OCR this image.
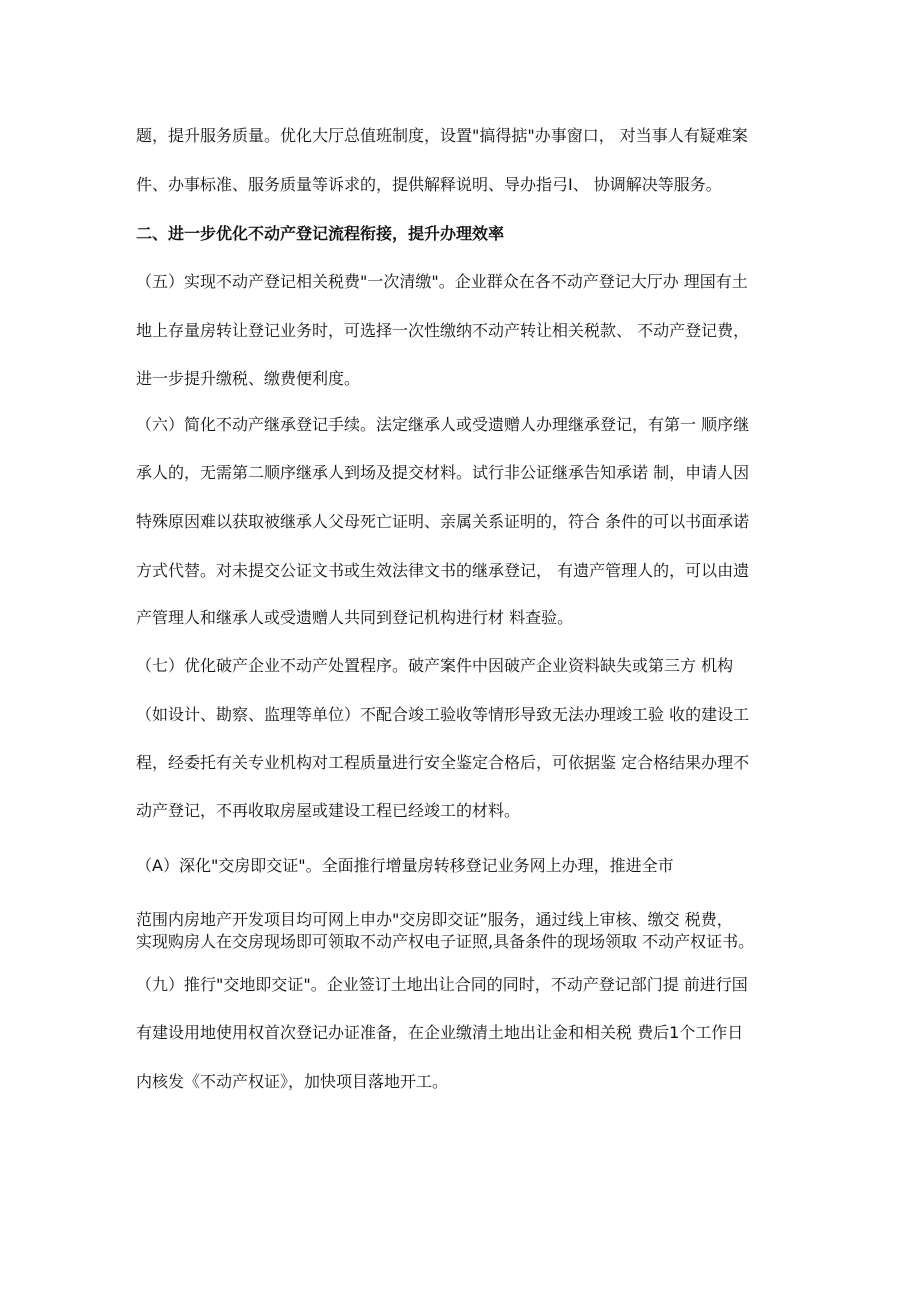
题，提升服务质量。优化大厅总值班制度，设置"搞得掂"办事窗口， 对当事人有疑难案
件、办事标准、服务质量等诉求的，提供解释说明、导办指弓I、 协调解决等服务。
二、进一步优化不动产登记流程衔接，提升办理效率
（五）实现不动产登记相关税费"一次清缴"。企业群众在各不动产登记大厅办 理国有土
地上存量房转让登记业务时，可选择一次性缴纳不动产转让相关税款、 不动产登记费，
进一步提升缴税、缴费便利度。
（六）简化不动产继承登记手续。法定继承人或受遗赠人办理继承登记，有第一 顺序继
承人的，无需第二顺序继承人到场及提交材料。试行非公证继承告知承诺 制，申请人因
特殊原因难以获取被继承人父母死亡证明、亲属关系证明的，符合 条件的可以书面承诺
方式代替。对未提交公证文书或生效法律文书的继承登记， 有遗产管理人的，可以由遗
产管理人和继承人或受遗赠人共同到登记机构进行材 料查验。
（七）优化破产企业不动产处置程序。破产案件中因破产企业资料缺失或第三方 机构
（如设计、勘察、监理等单位）不配合竣工验收等情形导致无法办理竣工验 收的建设工
程，经委托有关专业机构对工程质量进行安全鉴定合格后，可依据鉴 定合格结果办理不
动产登记，不再收取房屋或建设工程已经竣工的材料。
（A）深化"交房即交证"。全面推行增量房转移登记业务网上办理，推进全市
范围内房地产开发项目均可网上申办"交房即交证”服务，通过线上审核、缴交 税费，
实现购房人在交房现场即可领取不动产权电子证照,具备条件的现场领取 不动产权证书。
（九）推行"交地即交证"。企业签订土地出让合同的同时，不动产登记部门提 前进行国
有建设用地使用权首次登记办证准备，在企业缴清土地出让金和相关税 费后1个工作日
内核发《不动产权证》，加快项目落地开工。
